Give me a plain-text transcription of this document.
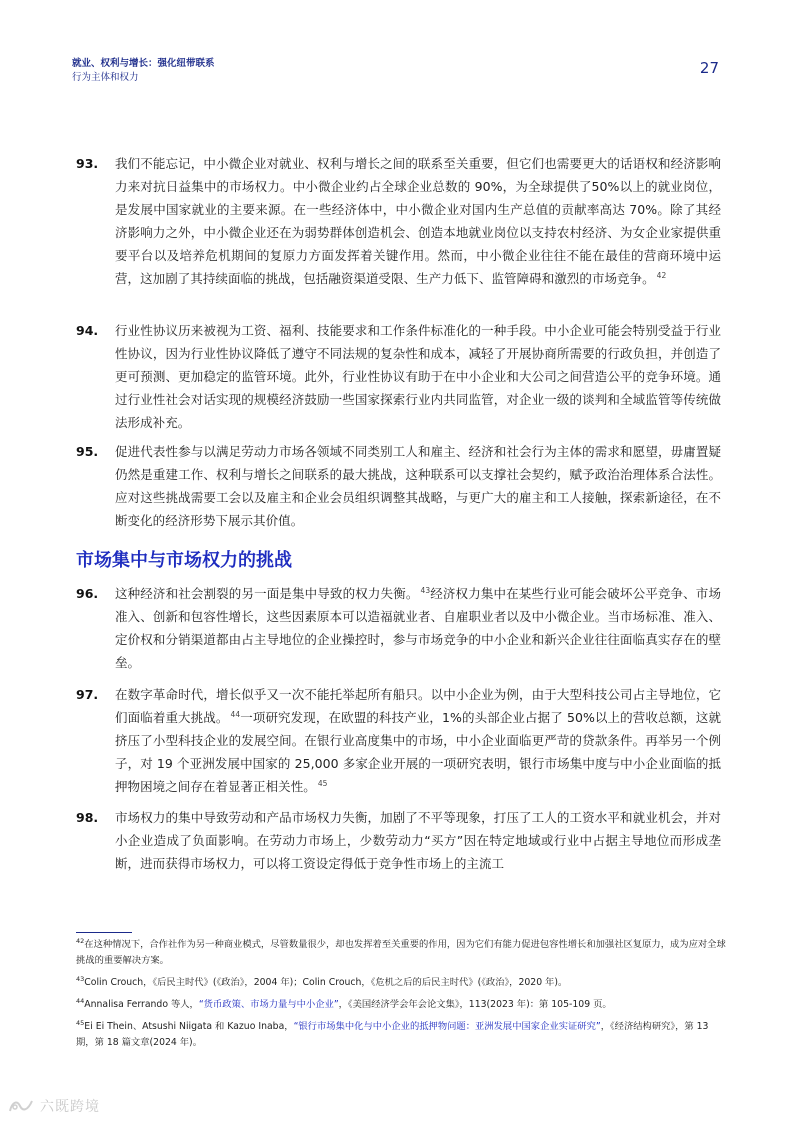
就业、权利与增长：强化纽带联系
行为主体和权力
27
93. 我们不能忘记，中小微企业对就业、权利与增长之间的联系至关重要，但它们也需要更大的话语权和经济影响力来对抗日益集中的市场权力。中小微企业约占全球企业总数的 90%，为全球提供了50%以上的就业岗位，是发展中国家就业的主要来源。在一些经济体中，中小微企业对国内生产总值的贡献率高达 70%。除了其经济影响力之外，中小微企业还在为弱势群体创造机会、创造本地就业岗位以支持农村经济、为女企业家提供重要平台以及培养危机期间的复原力方面发挥着关键作用。然而，中小微企业往往不能在最佳的营商环境中运营，这加剧了其持续面临的挑战，包括融资渠道受限、生产力低下、监管障碍和激烈的市场竞争。 $^{42}$
94. 行业性协议历来被视为工资、福利、技能要求和工作条件标准化的一种手段。中小企业可能会特别受益于行业性协议，因为行业性协议降低了遵守不同法规的复杂性和成本，减轻了开展协商所需要的行政负担，并创造了更可预测、更加稳定的监管环境。此外，行业性协议有助于在中小企业和大公司之间营造公平的竞争环境。通过行业性社会对话实现的规模经济鼓励一些国家探索行业内共同监管，对企业一级的谈判和全域监管等传统做法形成补充。
95. 促进代表性参与以满足劳动力市场各领域不同类别工人和雇主、经济和社会行为主体的需求和愿望，毋庸置疑仍然是重建工作、权利与增长之间联系的最大挑战，这种联系可以支撑社会契约，赋予政治治理体系合法性。应对这些挑战需要工会以及雇主和企业会员组织调整其战略，与更广大的雇主和工人接触，探索新途径，在不断变化的经济形势下展示其价值。
市场集中与市场权力的挑战
96. 这种经济和社会割裂的另一面是集中导致的权力失衡。 $^{43}$经济权力集中在某些行业可能会破坏公平竞争、市场准入、创新和包容性增长，这些因素原本可以造福就业者、自雇职业者以及中小微企业。当市场标准、准入、定价权和分销渠道都由占主导地位的企业操控时，参与市场竞争的中小企业和新兴企业往往面临真实存在的壁垒。
97. 在数字革命时代，增长似乎又一次不能托举起所有船只。以中小企业为例，由于大型科技公司占主导地位，它们面临着重大挑战。 $^{44}$一项研究发现，在欧盟的科技产业，1%的头部企业占据了 50%以上的营收总额，这就挤压了小型科技企业的发展空间。在银行业高度集中的市场，中小企业面临更严苛的贷款条件。再举另一个例子，对 19 个亚洲发展中国家的 25,000 多家企业开展的一项研究表明，银行市场集中度与中小企业面临的抵押物困境之间存在着显著正相关性。 $^{45}$
98. 市场权力的集中导致劳动和产品市场权力失衡，加剧了不平等现象，打压了工人的工资水平和就业机会，并对小企业造成了负面影响。在劳动力市场上，少数劳动力“买方”因在特定地域或行业中占据主导地位而形成垄断，进而获得市场权力，可以将工资设定得低于竞争性市场上的主流工
$^{42}$在这种情况下，合作社作为另一种商业模式，尽管数量很少，却也发挥着至关重要的作用，因为它们有能力促进包容性增长和加强社区复原力，成为应对全球挑战的重要解决方案。
$^{43}$Colin Crouch，《后民主时代》(《政治》，2004 年)；Colin Crouch，《危机之后的后民主时代》(《政治》，2020 年)。
$^{44}$Annalisa Ferrando 等人，“货币政策、市场力量与中小企业”，《美国经济学会年会论文集》，113(2023 年)：第 105-109 页。
$^{45}$Ei Ei Thein、Atsushi Niigata 和 Kazuo Inaba，“银行市场集中化与中小企业的抵押物问题：亚洲发展中国家企业实证研究”，《经济结构研究》，第 13 期，第 18 篇文章(2024 年)。
六既跨境
